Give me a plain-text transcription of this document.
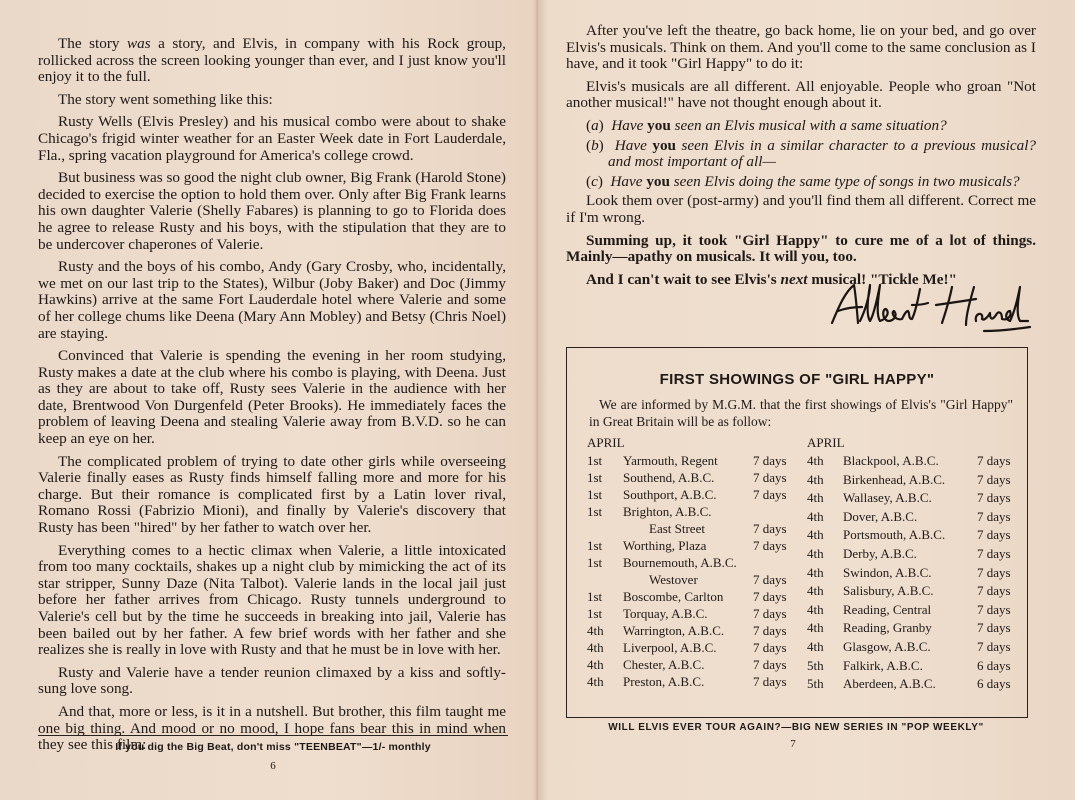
The story was a story, and Elvis, in company with his Rock group, rollicked across the screen looking younger than ever, and I just know you'll enjoy it to the full.

The story went something like this:

Rusty Wells (Elvis Presley) and his musical combo were about to shake Chicago's frigid winter weather for an Easter Week date in Fort Lauderdale, Fla., spring vacation playground for America's college crowd.

But business was so good the night club owner, Big Frank (Harold Stone) decided to exercise the option to hold them over. Only after Big Frank learns his own daughter Valerie (Shelly Fabares) is planning to go to Florida does he agree to release Rusty and his boys, with the stipulation that they are to be undercover chaperones of Valerie.

Rusty and the boys of his combo, Andy (Gary Crosby, who, incidentally, we met on our last trip to the States), Wilbur (Joby Baker) and Doc (Jimmy Hawkins) arrive at the same Fort Lauderdale hotel where Valerie and some of her college chums like Deena (Mary Ann Mobley) and Betsy (Chris Noel) are staying.

Convinced that Valerie is spending the evening in her room studying, Rusty makes a date at the club where his combo is playing, with Deena. Just as they are about to take off, Rusty sees Valerie in the audience with her date, Brentwood Von Durgenfeld (Peter Brooks). He immediately faces the problem of leaving Deena and stealing Valerie away from B.V.D. so he can keep an eye on her.

The complicated problem of trying to date other girls while overseeing Valerie finally eases as Rusty finds himself falling more and more for his charge. But their romance is complicated first by a Latin lover rival, Romano Rossi (Fabrizio Mioni), and finally by Valerie's discovery that Rusty has been "hired" by her father to watch over her.

Everything comes to a hectic climax when Valerie, a little intoxicated from too many cocktails, shakes up a night club by mimicking the act of its star stripper, Sunny Daze (Nita Talbot). Valerie lands in the local jail just before her father arrives from Chicago. Rusty tunnels underground to Valerie's cell but by the time he succeeds in breaking into jail, Valerie has been bailed out by her father. A few brief words with her father and she realizes she is really in love with Rusty and that he must be in love with her.

Rusty and Valerie have a tender reunion climaxed by a kiss and softly-sung love song.

And that, more or less, is it in a nutshell. But brother, this film taught me one big thing. And mood or no mood, I hope fans bear this in mind when they see this film:

If you dig the Big Beat, don't miss "TEENBEAT"—1/- monthly
6

After you've left the theatre, go back home, lie on your bed, and go over Elvis's musicals. Think on them. And you'll come to the same conclusion as I have, and it took "Girl Happy" to do it:

Elvis's musicals are all different. All enjoyable. People who groan "Not another musical!" have not thought enough about it.

(a)  Have you seen an Elvis musical with a same situation?
(b)  Have you seen Elvis in a similar character to a previous musical? and most important of all—
(c)  Have you seen Elvis doing the same type of songs in two musicals?

Look them over (post-army) and you'll find them all different. Correct me if I'm wrong.

Summing up, it took "Girl Happy" to cure me of a lot of things. Mainly—apathy on musicals. It will you, too.

And I can't wait to see Elvis's next musical! "Tickle Me!"

FIRST SHOWINGS OF "GIRL HAPPY"
We are informed by M.G.M. that the first showings of Elvis's "Girl Happy" in Great Britain will be as follow:
APRIL
1st	Yarmouth, Regent	7 days
1st	Southend, A.B.C.	7 days
1st	Southport, A.B.C.	7 days
1st	Brighton, A.B.C.
East Street	7 days
1st	Worthing, Plaza	7 days
1st	Bournemouth, A.B.C.
Westover	7 days
1st	Boscombe, Carlton	7 days
1st	Torquay, A.B.C.	7 days
4th	Warrington, A.B.C.	7 days
4th	Liverpool, A.B.C.	7 days
4th	Chester, A.B.C.	7 days
4th	Preston, A.B.C.	7 days
APRIL
4th	Blackpool, A.B.C.	7 days
4th	Birkenhead, A.B.C.	7 days
4th	Wallasey, A.B.C.	7 days
4th	Dover, A.B.C.	7 days
4th	Portsmouth, A.B.C.	7 days
4th	Derby, A.B.C.	7 days
4th	Swindon, A.B.C.	7 days
4th	Salisbury, A.B.C.	7 days
4th	Reading, Central	7 days
4th	Reading, Granby	7 days
4th	Glasgow, A.B.C.	7 days
5th	Falkirk, A.B.C.	6 days
5th	Aberdeen, A.B.C.	6 days
WILL ELVIS EVER TOUR AGAIN?—BIG NEW SERIES IN "POP WEEKLY"
7
